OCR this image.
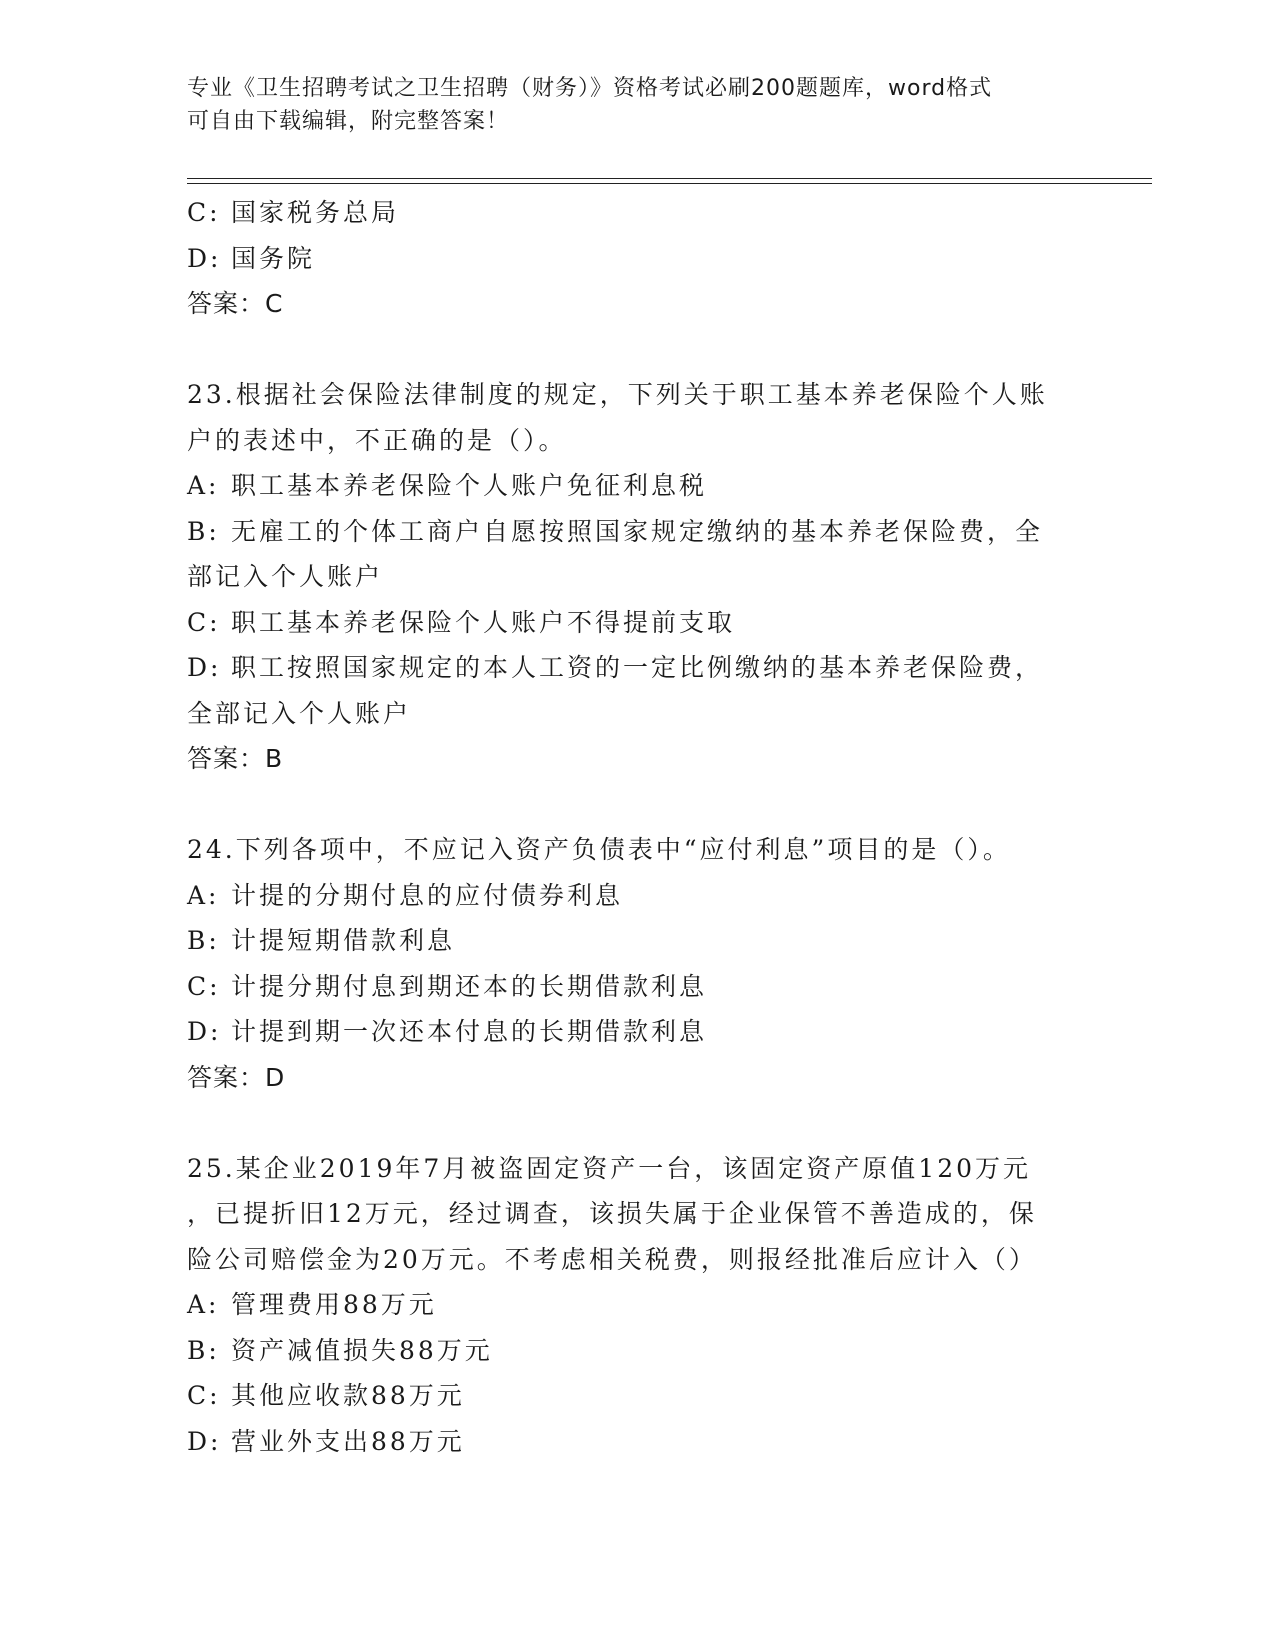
专业《卫生招聘考试之卫生招聘（财务）》资格考试必刷200题题库，word格式
可自由下载编辑，附完整答案！
C: 国家税务总局
D: 国务院
答案：C
23.根据社会保险法律制度的规定，下列关于职工基本养老保险个人账
户的表述中，不正确的是（）。
A: 职工基本养老保险个人账户免征利息税
B: 无雇工的个体工商户自愿按照国家规定缴纳的基本养老保险费，全
部记入个人账户
C: 职工基本养老保险个人账户不得提前支取
D: 职工按照国家规定的本人工资的一定比例缴纳的基本养老保险费，
全部记入个人账户
答案：B
24.下列各项中，不应记入资产负债表中“应付利息”项目的是（）。
A: 计提的分期付息的应付债券利息
B: 计提短期借款利息
C: 计提分期付息到期还本的长期借款利息
D: 计提到期一次还本付息的长期借款利息
答案：D
25.某企业2019年7月被盗固定资产一台，该固定资产原值120万元
，已提折旧12万元，经过调查，该损失属于企业保管不善造成的，保
险公司赔偿金为20万元。不考虑相关税费，则报经批准后应计入（）
A: 管理费用88万元
B: 资产减值损失88万元
C: 其他应收款88万元
D: 营业外支出88万元
